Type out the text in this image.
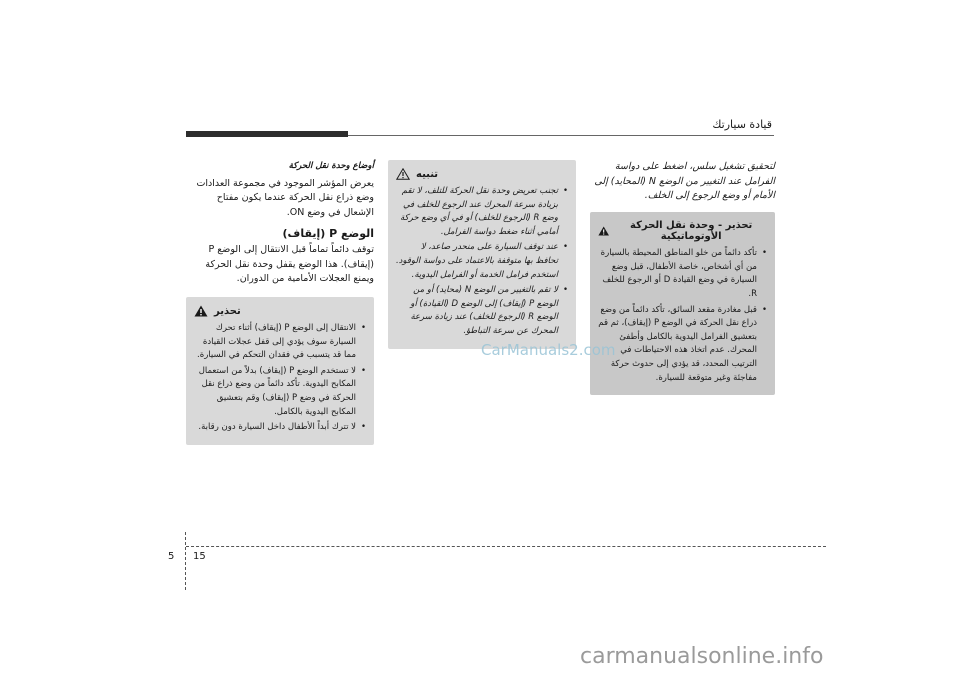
قيادة سيارتك

أوضاع وحدة نقل الحركة

يعرض المؤشر الموجود في مجموعة العدادات وضع ذراع نقل الحركة عندما يكون مفتاح الإشعال في وضع ON.

الوضع P (إيقاف)

توقف دائماً تماماً قبل الانتقال إلى الوضع P (إيقاف). هذا الوضع يقفل وحدة نقل الحركة ويمنع العجلات الأمامية من الدوران.

تحذير
•
الانتقال إلى الوضع P (إيقاف) أثناء تحرك السيارة سوف يؤدي إلى قفل عجلات القيادة مما قد يتسبب في فقدان التحكم في السيارة.
•
لا تستخدم الوضع P (إيقاف) بدلاً من استعمال المكابح اليدوية. تأكد دائماً من وضع ذراع نقل الحركة في وضع P (إيقاف) وقم بتعشيق المكابح اليدوية بالكامل.
•
لا تترك أبداً الأطفال داخل السيارة دون رقابة.
تنبيه
•
تجنب تعريض وحدة نقل الحركة للتلف، لا تقم بزيادة سرعة المحرك عند الرجوع للخلف في وضع R (الرجوع للخلف) أو في أي وضع حركة أمامي أثناء ضغط دواسة الفرامل.
•
عند توقف السيارة على منحدر صاعد، لا تحافظ بها متوقفة بالاعتماد على دواسة الوقود. استخدم فرامل الخدمة أو الفرامل اليدوية.
•
لا تقم بالتغيير من الوضع N (محايد) أو من الوضع P (إيقاف) إلى الوضع D (القيادة) أو الوضع R (الرجوع للخلف) عند زيادة سرعة المحرك عن سرعة التباطؤ.

لتحقيق تشغيل سلس، اضغط على دواسة الفرامل عند التغيير من الوضع N (المحايد) إلى الأمام أو وضع الرجوع إلى الخلف.

تحذير - وحدة نقل الحركة الأوتوماتيكية
•
تأكد دائماً من خلو المناطق المحيطة بالسيارة من أي أشخاص، خاصة الأطفال، قبل وضع السيارة في وضع القيادة D أو الرجوع للخلف R.
•
قبل مغادرة مقعد السائق، تأكد دائماً من وضع ذراع نقل الحركة في الوضع P (إيقاف)، ثم قم بتعشيق الفرامل اليدوية بالكامل وأطفئ المحرك. عدم اتخاذ هذه الاحتياطات في الترتيب المحدد، قد يؤدي إلى حدوث حركة مفاجئة وغير متوقعة للسيارة.
CarManuals2.com
5 15
carmanualsonline.info
